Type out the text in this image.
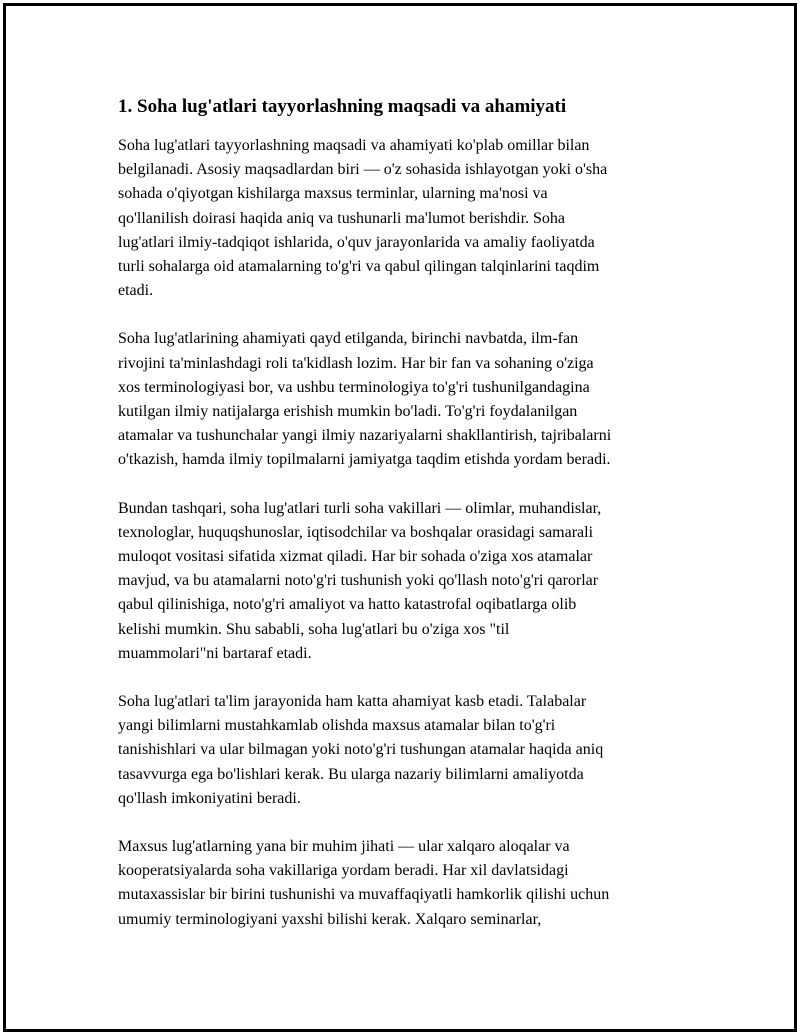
1. Soha lug'atlari tayyorlashning maqsadi va ahamiyati

Soha lug'atlari tayyorlashning maqsadi va ahamiyati ko'plab omillar bilan
belgilanadi. Asosiy maqsadlardan biri — o'z sohasida ishlayotgan yoki o'sha
sohada o'qiyotgan kishilarga maxsus terminlar, ularning ma'nosi va
qo'llanilish doirasi haqida aniq va tushunarli ma'lumot berishdir. Soha
lug'atlari ilmiy-tadqiqot ishlarida, o'quv jarayonlarida va amaliy faoliyatda
turli sohalarga oid atamalarning to'g'ri va qabul qilingan talqinlarini taqdim
etadi.

Soha lug'atlarining ahamiyati qayd etilganda, birinchi navbatda, ilm-fan
rivojini ta'minlashdagi roli ta'kidlash lozim. Har bir fan va sohaning o'ziga
xos terminologiyasi bor, va ushbu terminologiya to'g'ri tushunilgandagina
kutilgan ilmiy natijalarga erishish mumkin bo'ladi. To'g'ri foydalanilgan
atamalar va tushunchalar yangi ilmiy nazariyalarni shakllantirish, tajribalarni
o'tkazish, hamda ilmiy topilmalarni jamiyatga taqdim etishda yordam beradi.

Bundan tashqari, soha lug'atlari turli soha vakillari — olimlar, muhandislar,
texnologlar, huquqshunoslar, iqtisodchilar va boshqalar orasidagi samarali
muloqot vositasi sifatida xizmat qiladi. Har bir sohada o'ziga xos atamalar
mavjud, va bu atamalarni noto'g'ri tushunish yoki qo'llash noto'g'ri qarorlar
qabul qilinishiga, noto'g'ri amaliyot va hatto katastrofal oqibatlarga olib
kelishi mumkin. Shu sababli, soha lug'atlari bu o'ziga xos "til
muammolari"ni bartaraf etadi.

Soha lug'atlari ta'lim jarayonida ham katta ahamiyat kasb etadi. Talabalar
yangi bilimlarni mustahkamlab olishda maxsus atamalar bilan to'g'ri
tanishishlari va ular bilmagan yoki noto'g'ri tushungan atamalar haqida aniq
tasavvurga ega bo'lishlari kerak. Bu ularga nazariy bilimlarni amaliyotda
qo'llash imkoniyatini beradi.

Maxsus lug'atlarning yana bir muhim jihati — ular xalqaro aloqalar va
kooperatsiyalarda soha vakillariga yordam beradi. Har xil davlatsidagi
mutaxassislar bir birini tushunishi va muvaffaqiyatli hamkorlik qilishi uchun
umumiy terminologiyani yaxshi bilishi kerak. Xalqaro seminarlar,
